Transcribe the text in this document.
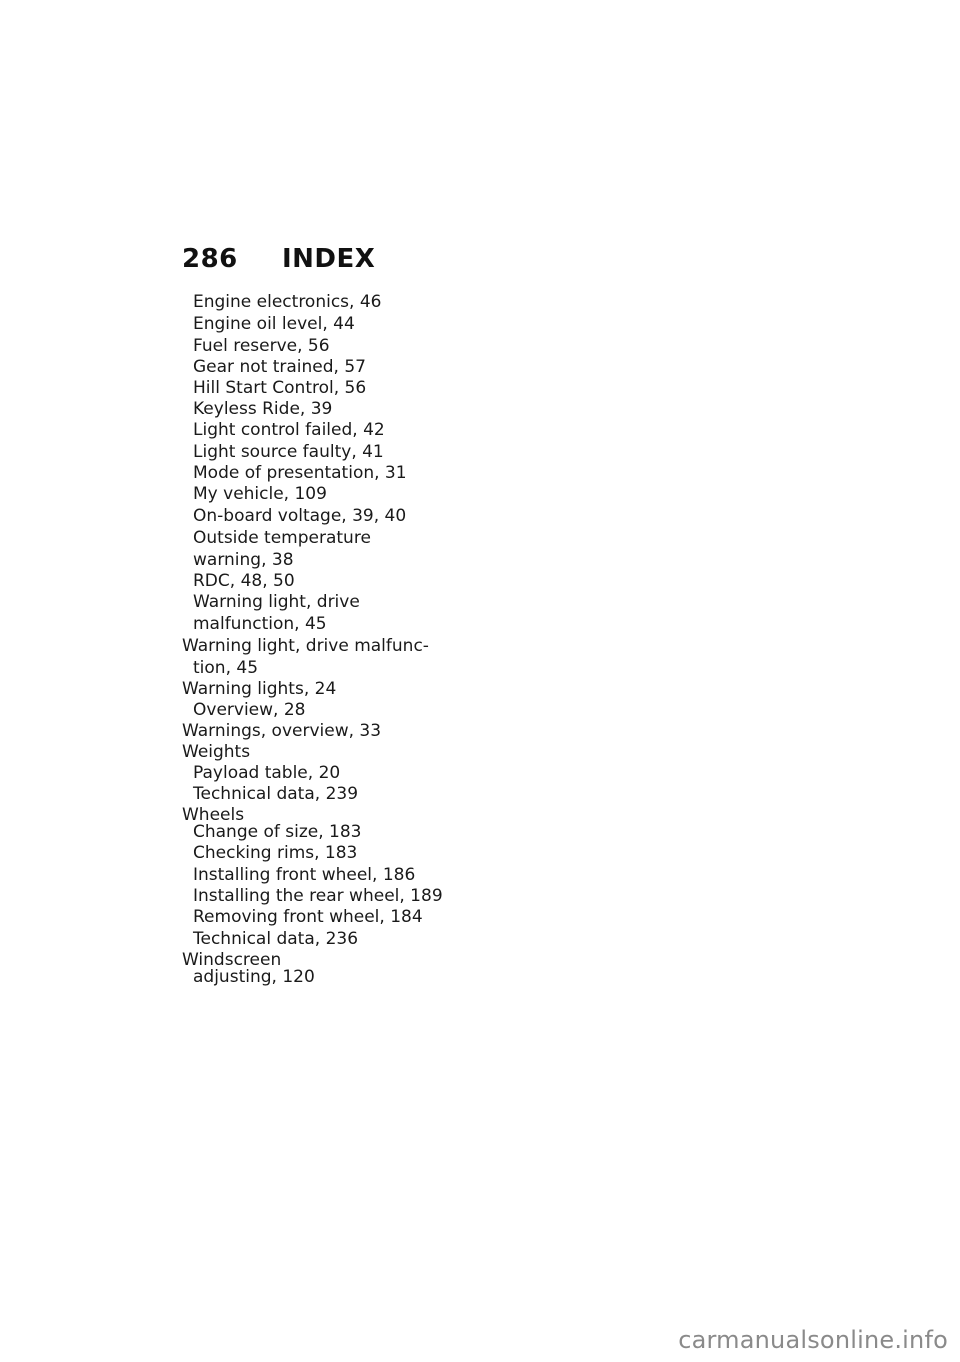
286 INDEX
Engine electronics, 46
Engine oil level, 44
Fuel reserve, 56
Gear not trained, 57
Hill Start Control, 56
Keyless Ride, 39
Light control failed, 42
Light source faulty, 41
Mode of presentation, 31
My vehicle, 109
On-board voltage, 39, 40
Outside temperature
warning, 38
RDC, 48, 50
Warning light, drive
malfunction, 45
Warning light, drive malfunc-
tion, 45
Warning lights, 24
Overview, 28
Warnings, overview, 33
Weights
Payload table, 20
Technical data, 239
Wheels
Change of size, 183
Checking rims, 183
Installing front wheel, 186
Installing the rear wheel, 189
Removing front wheel, 184
Technical data, 236
Windscreen
adjusting, 120
carmanualsonline.info
